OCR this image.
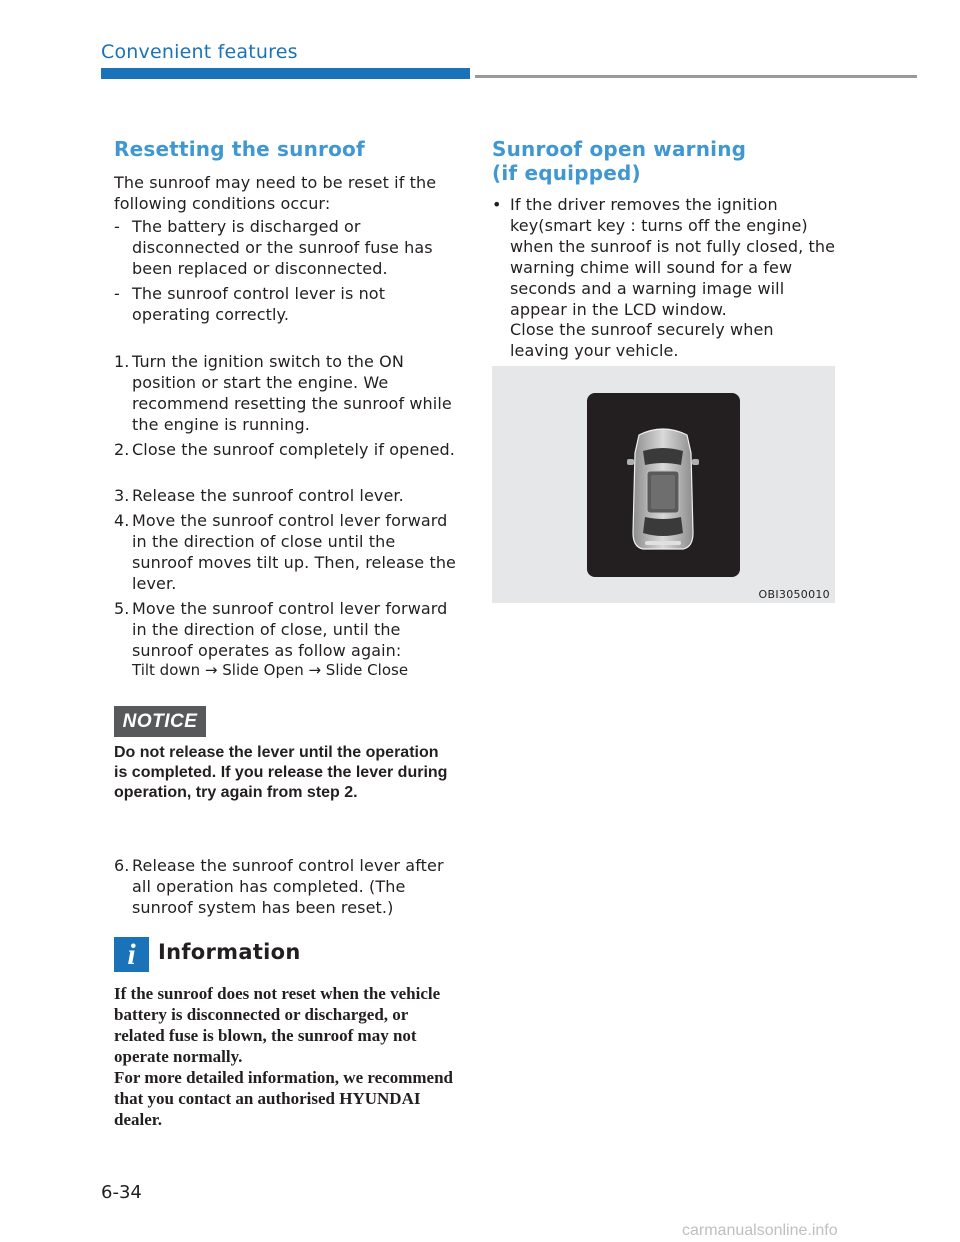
Convenient features
Resetting the sunroof
The sunroof may need to be reset if the following conditions occur:
- The battery is discharged or disconnected or the sunroof fuse has been replaced or disconnected.
- The sunroof control lever is not operating correctly.
1. Turn the ignition switch to the ON position or start the engine. We recommend resetting the sunroof while the engine is running.
2. Close the sunroof completely if opened.
3. Release the sunroof control lever.
4. Move the sunroof control lever forward in the direction of close until the sunroof moves tilt up. Then, release the lever.
5. Move the sunroof control lever forward in the direction of close, until the sunroof operates as follow again:
Tilt down → Slide Open → Slide Close
NOTICE
Do not release the lever until the operation is completed. If you release the lever during operation, try again from step 2.
6. Release the sunroof control lever after all operation has completed. (The sunroof system has been reset.)
i	Information
If the sunroof does not reset when the vehicle battery is disconnected or discharged, or related fuse is blown, the sunroof may not operate normally.
For more detailed information, we recommend that you contact an authorised HYUNDAI dealer.
Sunroof open warning
(if equipped)
• If the driver removes the ignition key(smart key : turns off the engine) when the sunroof is not fully closed, the warning chime will sound for a few seconds and a warning image will appear in the LCD window.
Close the sunroof securely when leaving your vehicle.
OBI3050010
6-34
carmanualsonline.info
